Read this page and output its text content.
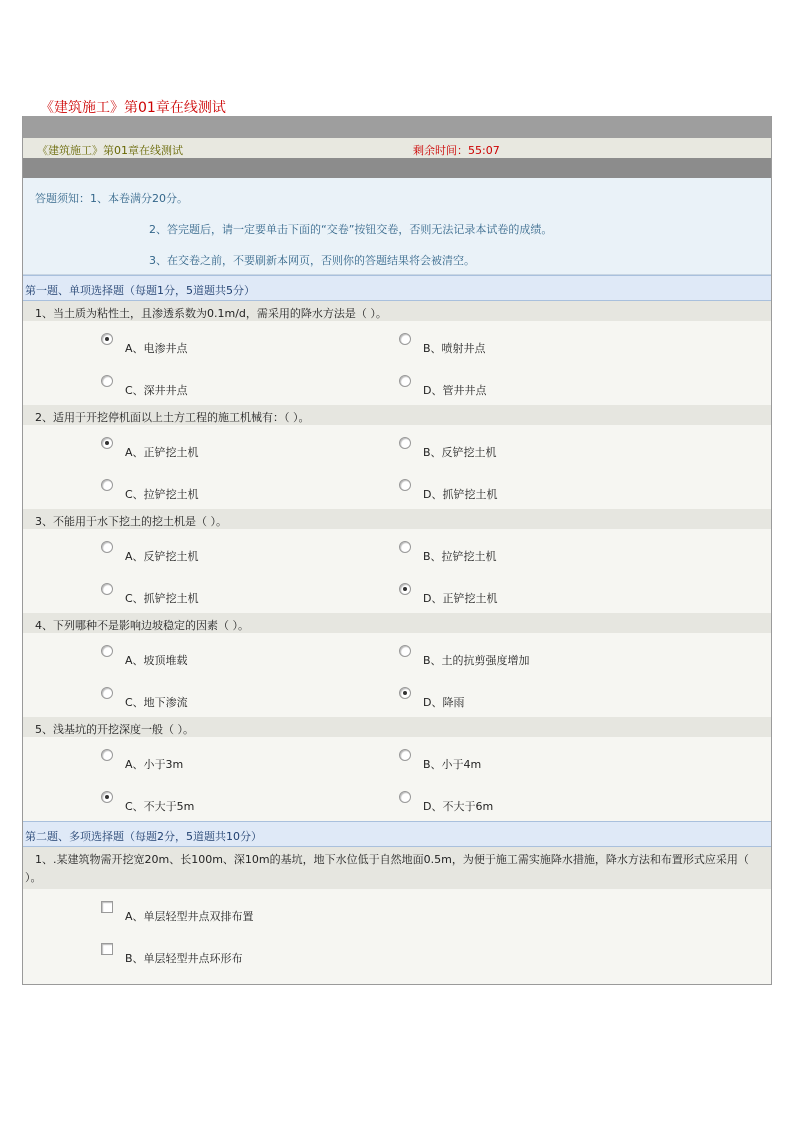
《建筑施工》第01章在线测试
《建筑施工》第01章在线测试	剩余时间：55:07
答题须知：1、本卷满分20分。
2、答完题后，请一定要单击下面的“交卷”按钮交卷，否则无法记录本试卷的成绩。
3、在交卷之前，不要刷新本网页，否则你的答题结果将会被清空。
第一题、单项选择题（每题1分，5道题共5分）
1、当土质为粘性土，且渗透系数为0.1m/d，需采用的降水方法是（ ）。
A、电渗井点	B、喷射井点
C、深井井点	D、管井井点
2、适用于开挖停机面以上土方工程的施工机械有：（ ）。
A、正铲挖土机	B、反铲挖土机
C、拉铲挖土机	D、抓铲挖土机
3、不能用于水下挖土的挖土机是（ ）。
A、反铲挖土机	B、拉铲挖土机
C、抓铲挖土机	D、正铲挖土机
4、下列哪种不是影响边坡稳定的因素（ ）。
A、坡顶堆载	B、土的抗剪强度增加
C、地下渗流	D、降雨
5、浅基坑的开挖深度一般（ ）。
A、小于3m	B、小于4m
C、不大于5m	D、不大于6m
第二题、多项选择题（每题2分，5道题共10分）
1、.某建筑物需开挖宽20m、长100m、深10m的基坑，地下水位低于自然地面0.5m，为便于施工需实施降水措施，降水方法和布置形式应采用（ ）。
A、单层轻型井点双排布置
B、单层轻型井点环形布
